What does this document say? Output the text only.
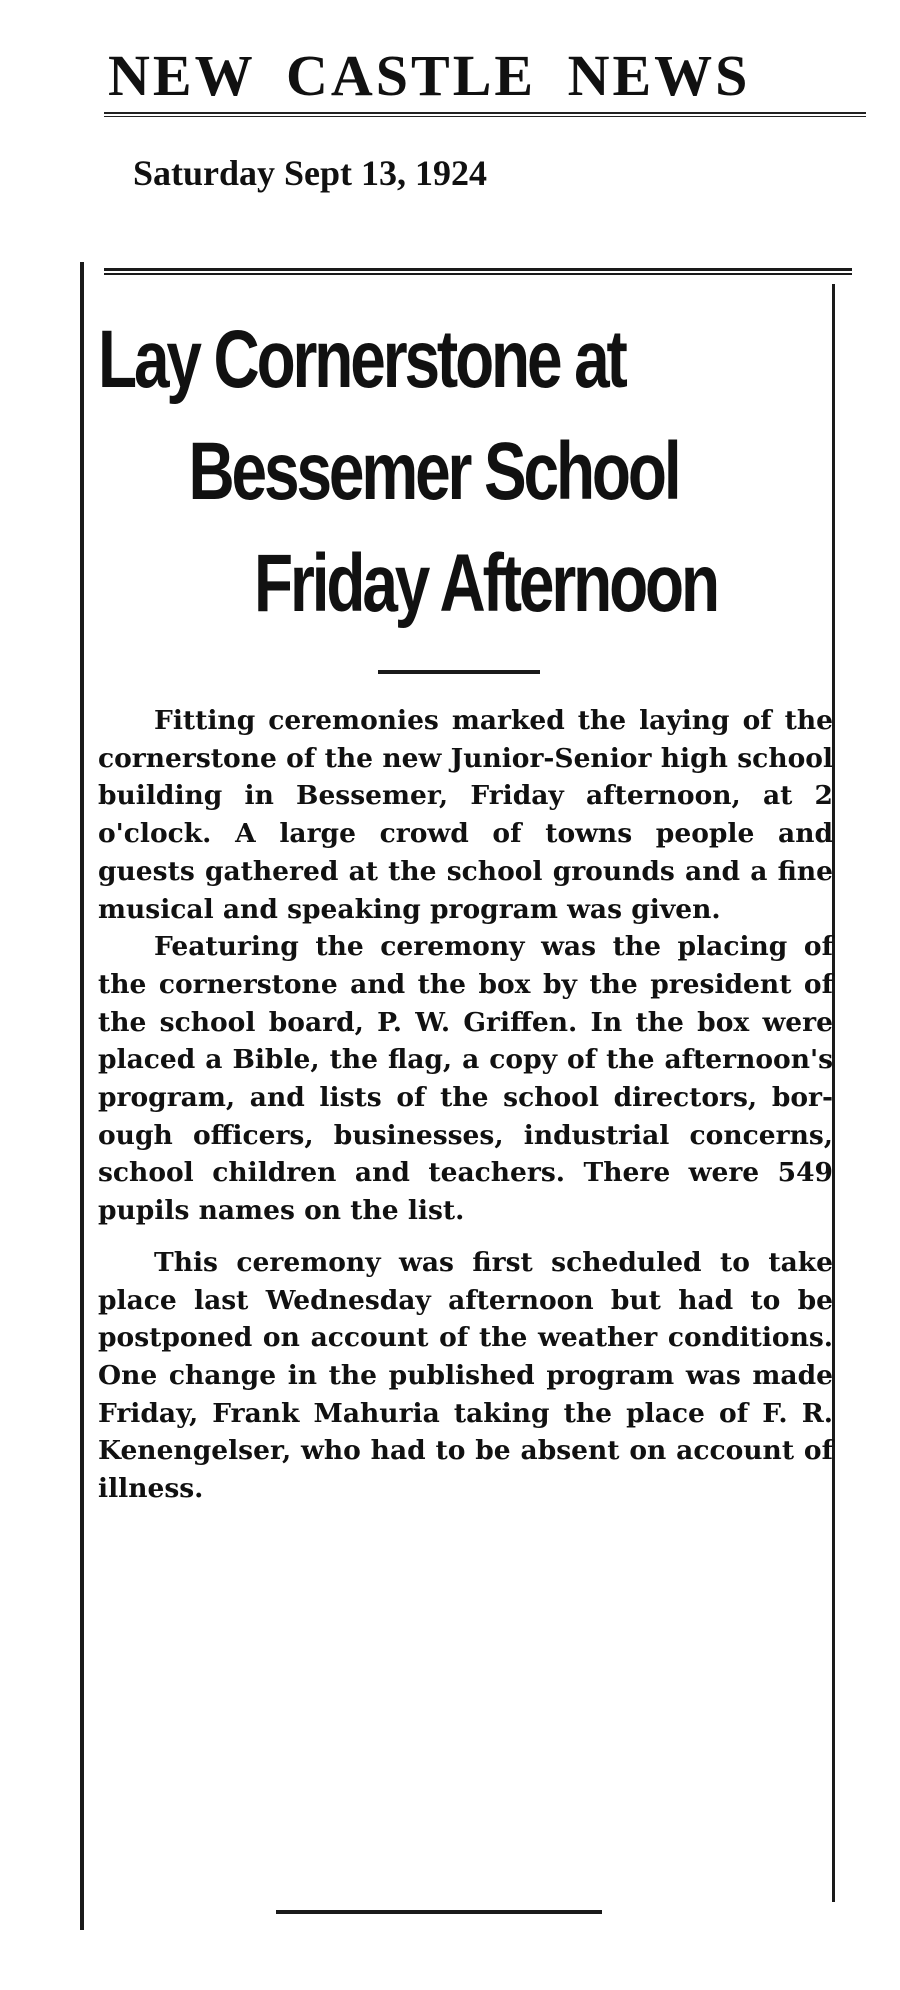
NEW CASTLE NEWS
Saturday Sept 13, 1924
Lay Cornerstone at
Bessemer School
Friday Afternoon

Fitting ceremonies marked the laying of the cornerstone of the new Junior-Senior high school building in Bessemer, Friday afternoon, at 2 o'clock. A large crowd of towns people and guests gathered at the school grounds and a fine musical and speaking program was given.

Featuring the ceremony was the placing of the cornerstone and the box by the president of the school board, P. W. Griffen. In the box were placed a Bible, the flag, a copy of the afternoon's program, and lists of the school directors, borough officers, businesses, industrial concerns, school children and teachers. There were 549 pupils names on the list.

This ceremony was first scheduled to take place last Wednesday afternoon but had to be postponed on account of the weather conditions. One change in the published program was made Friday, Frank Mahuria taking the place of F. R. Kenengelser, who had to be absent on account of illness.
